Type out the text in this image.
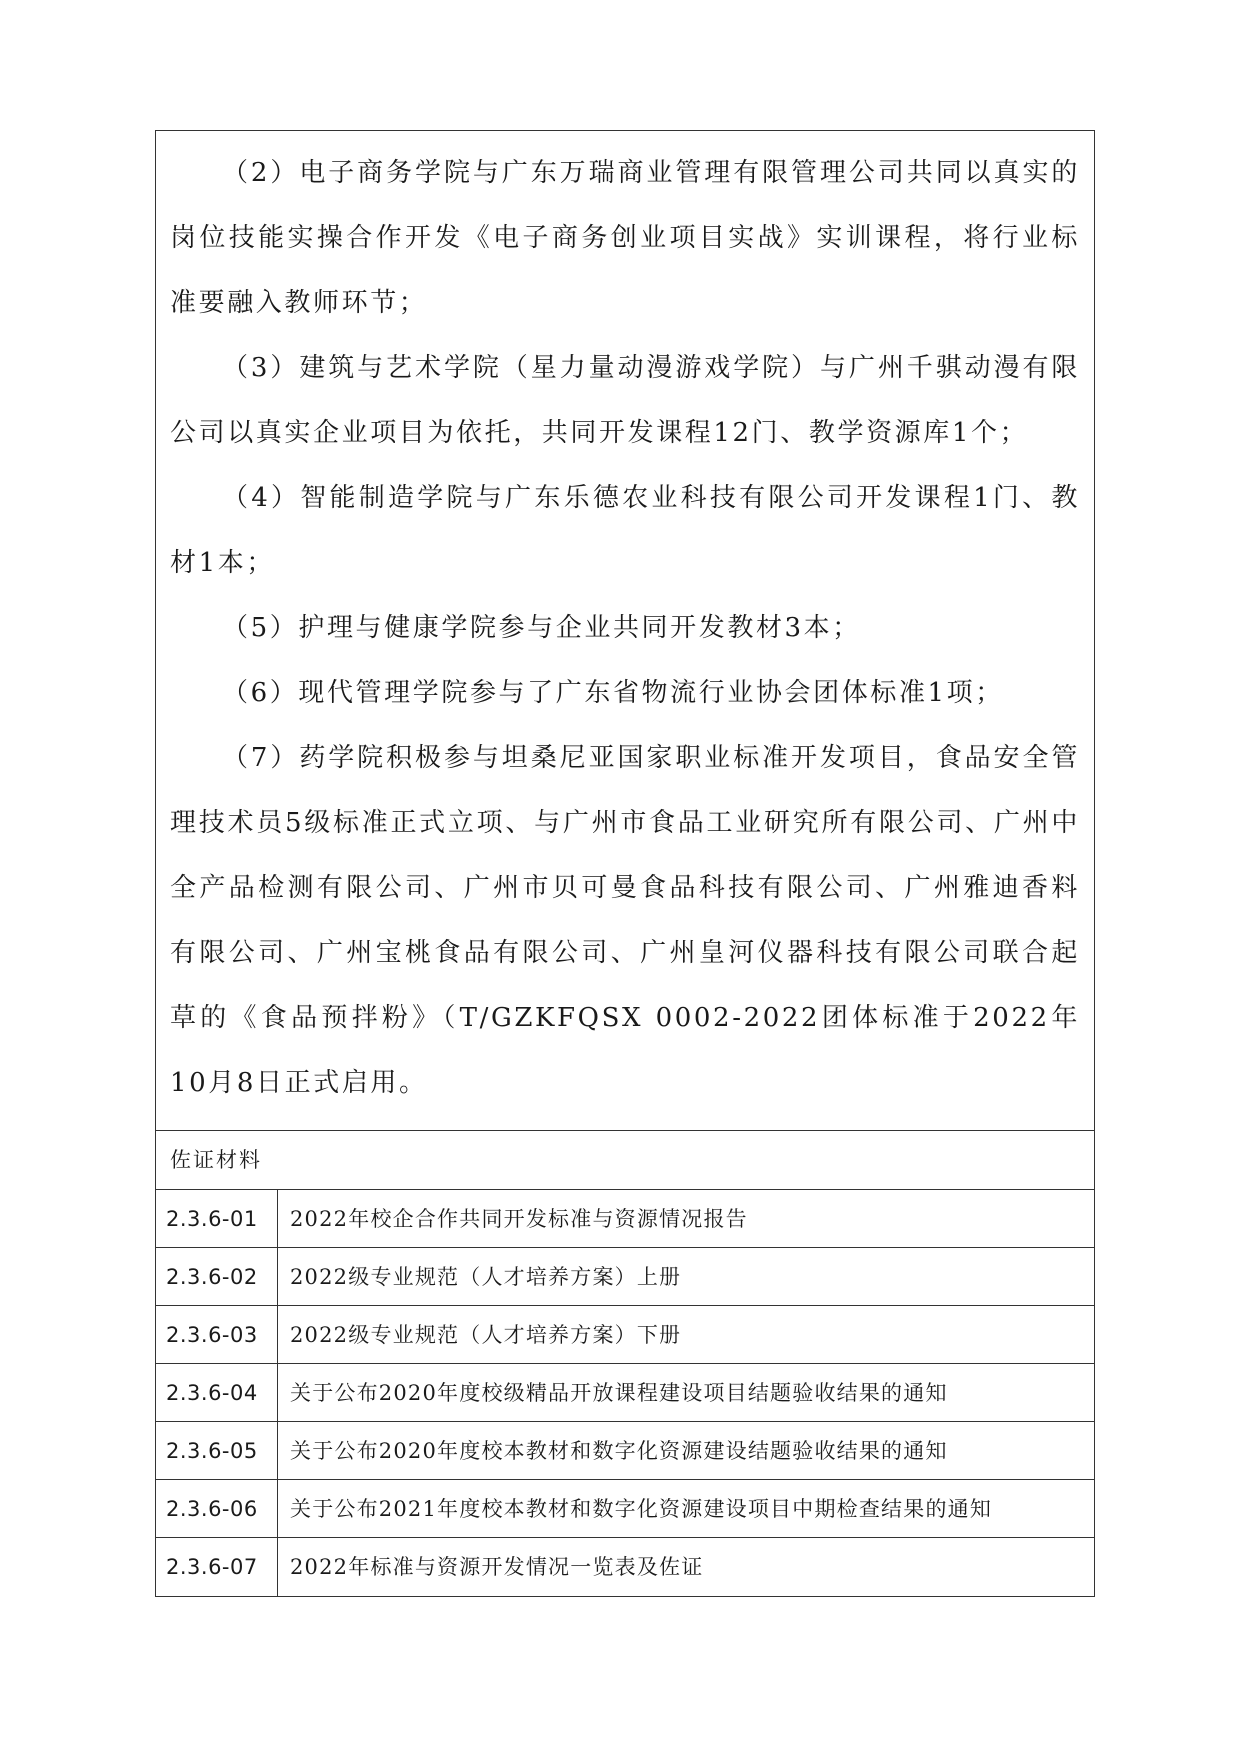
（2）电子商务学院与广东万瑞商业管理有限管理公司共同以真实的岗位技能实操合作开发《电子商务创业项目实战》实训课程，将行业标准要融入教师环节；

（3）建筑与艺术学院（星力量动漫游戏学院）与广州千骐动漫有限公司以真实企业项目为依托，共同开发课程12门、教学资源库1个；

（4）智能制造学院与广东乐德农业科技有限公司开发课程1门、教材1本；

（5）护理与健康学院参与企业共同开发教材3本；

（6）现代管理学院参与了广东省物流行业协会团体标准1项；

（7）药学院积极参与坦桑尼亚国家职业标准开发项目，食品安全管理技术员5级标准正式立项、与广州市食品工业研究所有限公司、广州中全产品检测有限公司、广州市贝可曼食品科技有限公司、广州雅迪香料有限公司、广州宝桃食品有限公司、广州皇河仪器科技有限公司联合起草的《食品预拌粉》（T/GZKFQSX 0002-2022团体标准于2022年10月8日正式启用。

佐证材料
2.3.6-01	2022年校企合作共同开发标准与资源情况报告
2.3.6-02	2022级专业规范（人才培养方案）上册
2.3.6-03	2022级专业规范（人才培养方案）下册
2.3.6-04	关于公布2020年度校级精品开放课程建设项目结题验收结果的通知
2.3.6-05	关于公布2020年度校本教材和数字化资源建设结题验收结果的通知
2.3.6-06	关于公布2021年度校本教材和数字化资源建设项目中期检查结果的通知
2.3.6-07	2022年标准与资源开发情况一览表及佐证
